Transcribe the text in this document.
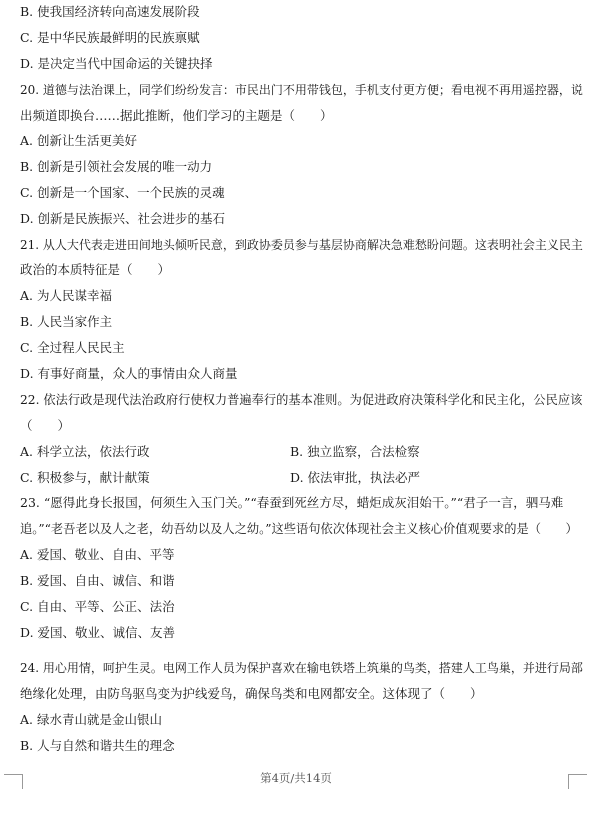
B. 使我国经济转向高速发展阶段
C. 是中华民族最鲜明的民族禀赋
D. 是决定当代中国命运的关键抉择
20. 道德与法治课上，同学们纷纷发言：市民出门不用带钱包，手机支付更方便；看电视不再用遥控器，说
出频道即换台……据此推断，他们学习的主题是（　　）
A. 创新让生活更美好
B. 创新是引领社会发展的唯一动力
C. 创新是一个国家、一个民族的灵魂
D. 创新是民族振兴、社会进步的基石
21. 从人大代表走进田间地头倾听民意，到政协委员参与基层协商解决急难愁盼问题。这表明社会主义民主
政治的本质特征是（　　）
A. 为人民谋幸福
B. 人民当家作主
C. 全过程人民民主
D. 有事好商量，众人的事情由众人商量
22. 依法行政是现代法治政府行使权力普遍奉行的基本准则。为促进政府决策科学化和民主化，公民应该
（　　）
A. 科学立法，依法行政	B. 独立监察，合法检察
C. 积极参与，献计献策	D. 依法审批，执法必严
23. “愿得此身长报国，何须生入玉门关。”“春蚕到死丝方尽，蜡炬成灰泪始干。”“君子一言，驷马难
追。”“老吾老以及人之老，幼吾幼以及人之幼。”这些语句依次体现社会主义核心价值观要求的是（　　）
A. 爱国、敬业、自由、平等
B. 爱国、自由、诚信、和谐
C. 自由、平等、公正、法治
D. 爱国、敬业、诚信、友善
24. 用心用情，呵护生灵。电网工作人员为保护喜欢在输电铁塔上筑巢的鸟类，搭建人工鸟巢，并进行局部
绝缘化处理，由防鸟驱鸟变为护线爱鸟，确保鸟类和电网都安全。这体现了（　　）
A. 绿水青山就是金山银山
B. 人与自然和谐共生的理念
第4页/共14页
